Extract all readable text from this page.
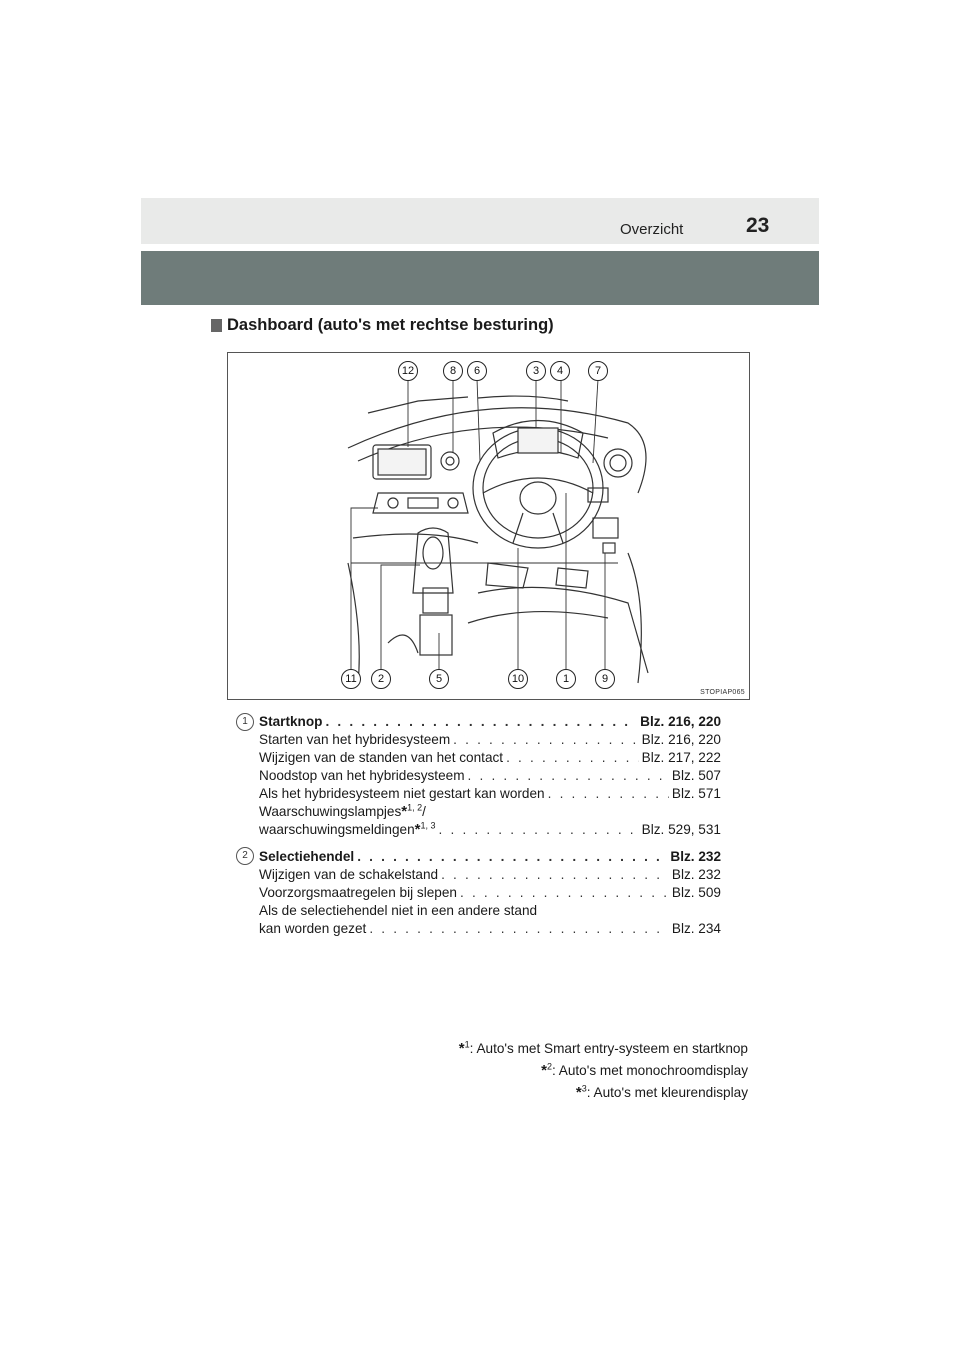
Overzicht	23
Dashboard (auto's met rechtse besturing)
12	8	6	3	4	7
11	2	5	10	1	9
STOPIAP065
1 Startknop . . .	Blz. 216, 220
Starten van het hybridesysteem . . .	Blz. 216, 220
Wijzigen van de standen van het contact . . .	Blz. 217, 222
Noodstop van het hybridesysteem . . .	Blz. 507
Als het hybridesysteem niet gestart kan worden . . .	Blz. 571
Waarschuwingslampjes*$^{1, 2}$/
waarschuwingsmeldingen*$^{1, 3}$ . . .	Blz. 529, 531
2 Selectiehendel . . .	Blz. 232
Wijzigen van de schakelstand . . .	Blz. 232
Voorzorgsmaatregelen bij slepen . . .	Blz. 509
Als de selectiehendel niet in een andere stand
kan worden gezet . . .	Blz. 234
*$^1$: Auto's met Smart entry-systeem en startknop
*$^2$: Auto's met monochroomdisplay
*$^3$: Auto's met kleurendisplay
